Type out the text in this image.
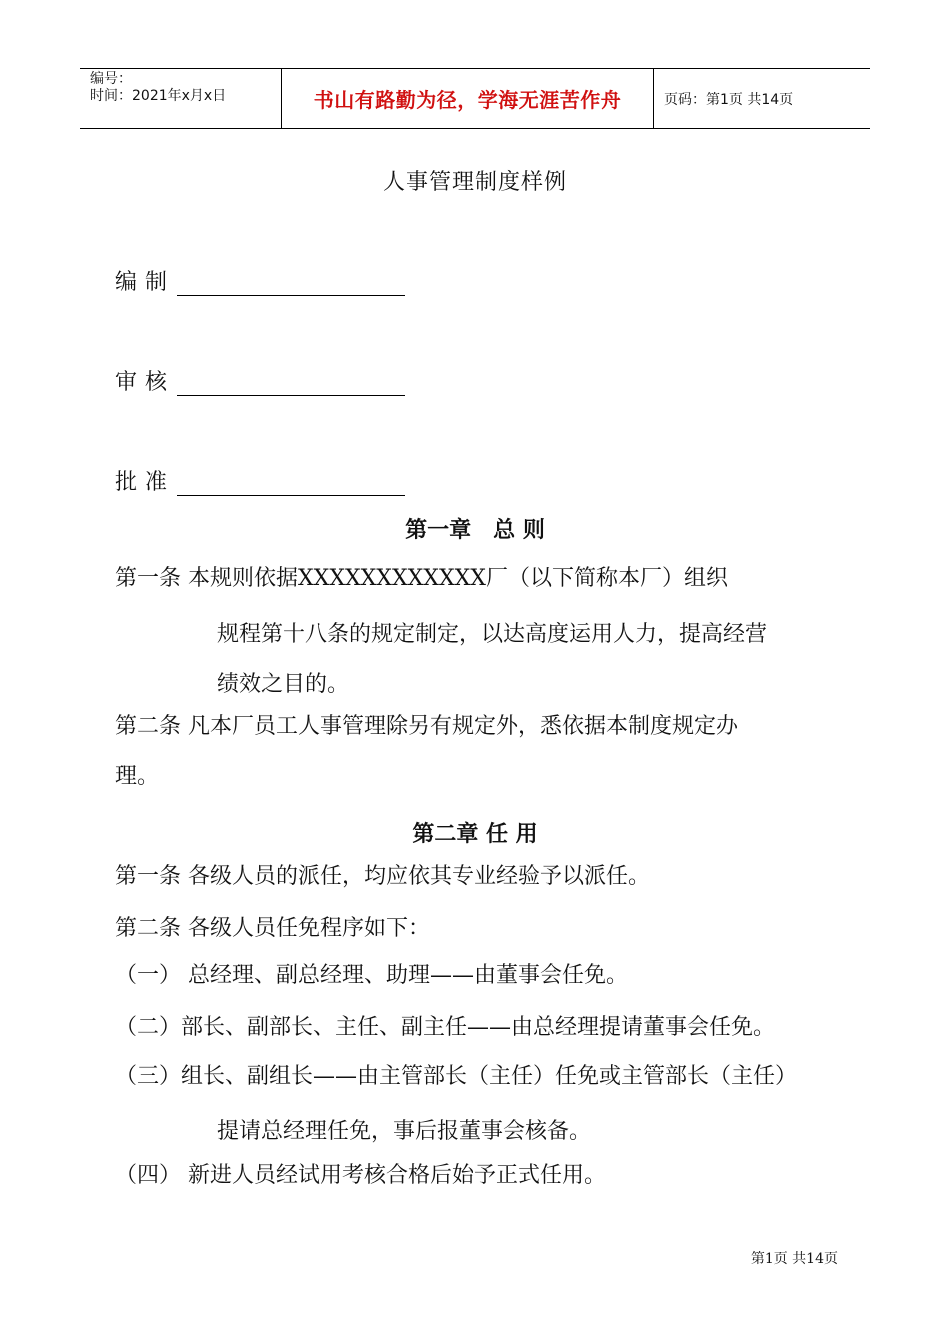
编号：
时间：2021年x月x日	书山有路勤为径，学海无涯苦作舟	页码：第1页 共14页
人事管理制度样例
编制
审核
批准
第一章　总 则
第一条 本规则依据XXXXXXXXXXXX厂（以下简称本厂）组织
规程第十八条的规定制定，以达高度运用人力，提高经营
绩效之目的。
第二条 凡本厂员工人事管理除另有规定外，悉依据本制度规定办
理。
第二章 任 用
第一条 各级人员的派任，均应依其专业经验予以派任。
第二条 各级人员任免程序如下：
（一） 总经理、副总经理、助理——由董事会任免。
（二）部长、副部长、主任、副主任——由总经理提请董事会任免。
（三）组长、副组长——由主管部长（主任）任免或主管部长（主任）
提请总经理任免，事后报董事会核备。
（四） 新进人员经试用考核合格后始予正式任用。
第1页 共14页
